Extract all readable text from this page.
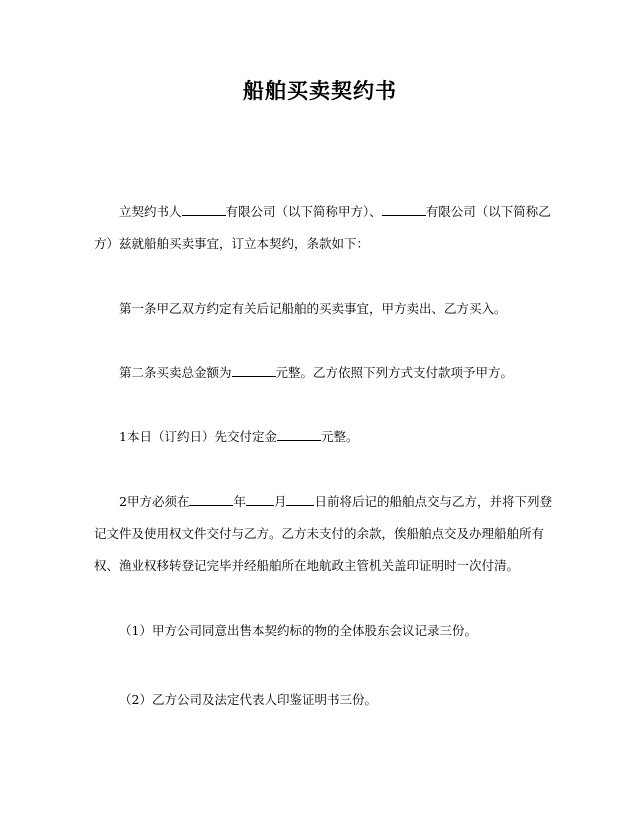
船舶买卖契约书
立契约书人	有限公司（以下简称甲方）、	有限公司（以下简称乙方）兹就船舶买卖事宜，订立本契约，条款如下：
第一条甲乙双方约定有关后记船舶的买卖事宜，甲方卖出、乙方买入。
第二条买卖总金额为	元整。乙方依照下列方式支付款项予甲方。
1本日（订约日）先交付定金	元整。
2甲方必须在	年 月 日前将后记的船舶点交与乙方，并将下列登记文件及使用权文件交付与乙方。乙方未支付的余款，俟船舶点交及办理船舶所有权、渔业权移转登记完毕并经船舶所在地航政主管机关盖印证明时一次付清。
（1）甲方公司同意出售本契约标的物的全体股东会议记录三份。
（2）乙方公司及法定代表人印鉴证明书三份。
